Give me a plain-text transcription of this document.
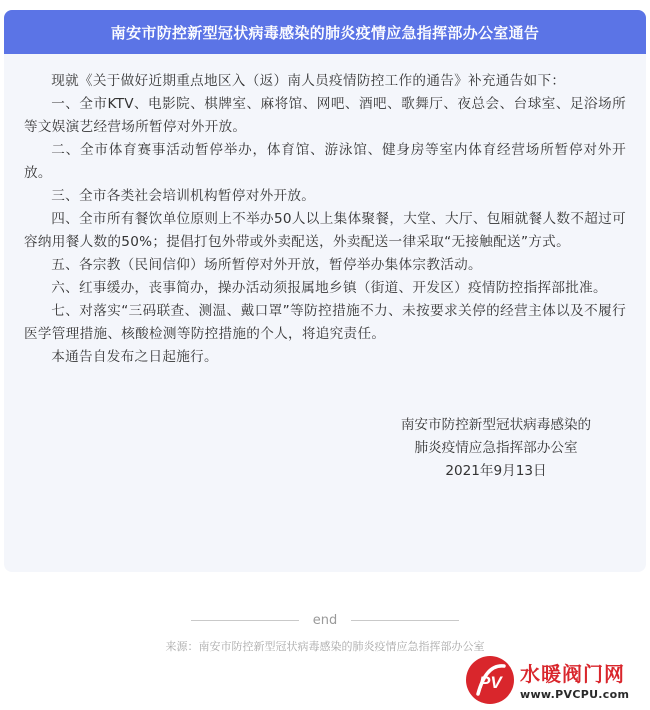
南安市防控新型冠状病毒感染的肺炎疫情应急指挥部办公室通告

现就《关于做好近期重点地区入（返）南人员疫情防控工作的通告》补充通告如下：

一、全市KTV、电影院、棋牌室、麻将馆、网吧、酒吧、歌舞厅、夜总会、台球室、足浴场所等文娱演艺经营场所暂停对外开放。

二、全市体育赛事活动暂停举办，体育馆、游泳馆、健身房等室内体育经营场所暂停对外开放。

三、全市各类社会培训机构暂停对外开放。

四、全市所有餐饮单位原则上不举办50人以上集体聚餐，大堂、大厅、包厢就餐人数不超过可容纳用餐人数的50%；提倡打包外带或外卖配送，外卖配送一律采取“无接触配送”方式。

五、各宗教（民间信仰）场所暂停对外开放，暂停举办集体宗教活动。

六、红事缓办，丧事简办，操办活动须报属地乡镇（街道、开发区）疫情防控指挥部批准。

七、对落实“三码联查、测温、戴口罩”等防控措施不力、未按要求关停的经营主体以及不履行医学管理措施、核酸检测等防控措施的个人，将追究责任。

本通告自发布之日起施行。

南安市防控新型冠状病毒感染的
肺炎疫情应急指挥部办公室
2021年9月13日
end
来源：南安市防控新型冠状病毒感染的肺炎疫情应急指挥部办公室
PV 水暖阀门网
www.PVCPU.com
